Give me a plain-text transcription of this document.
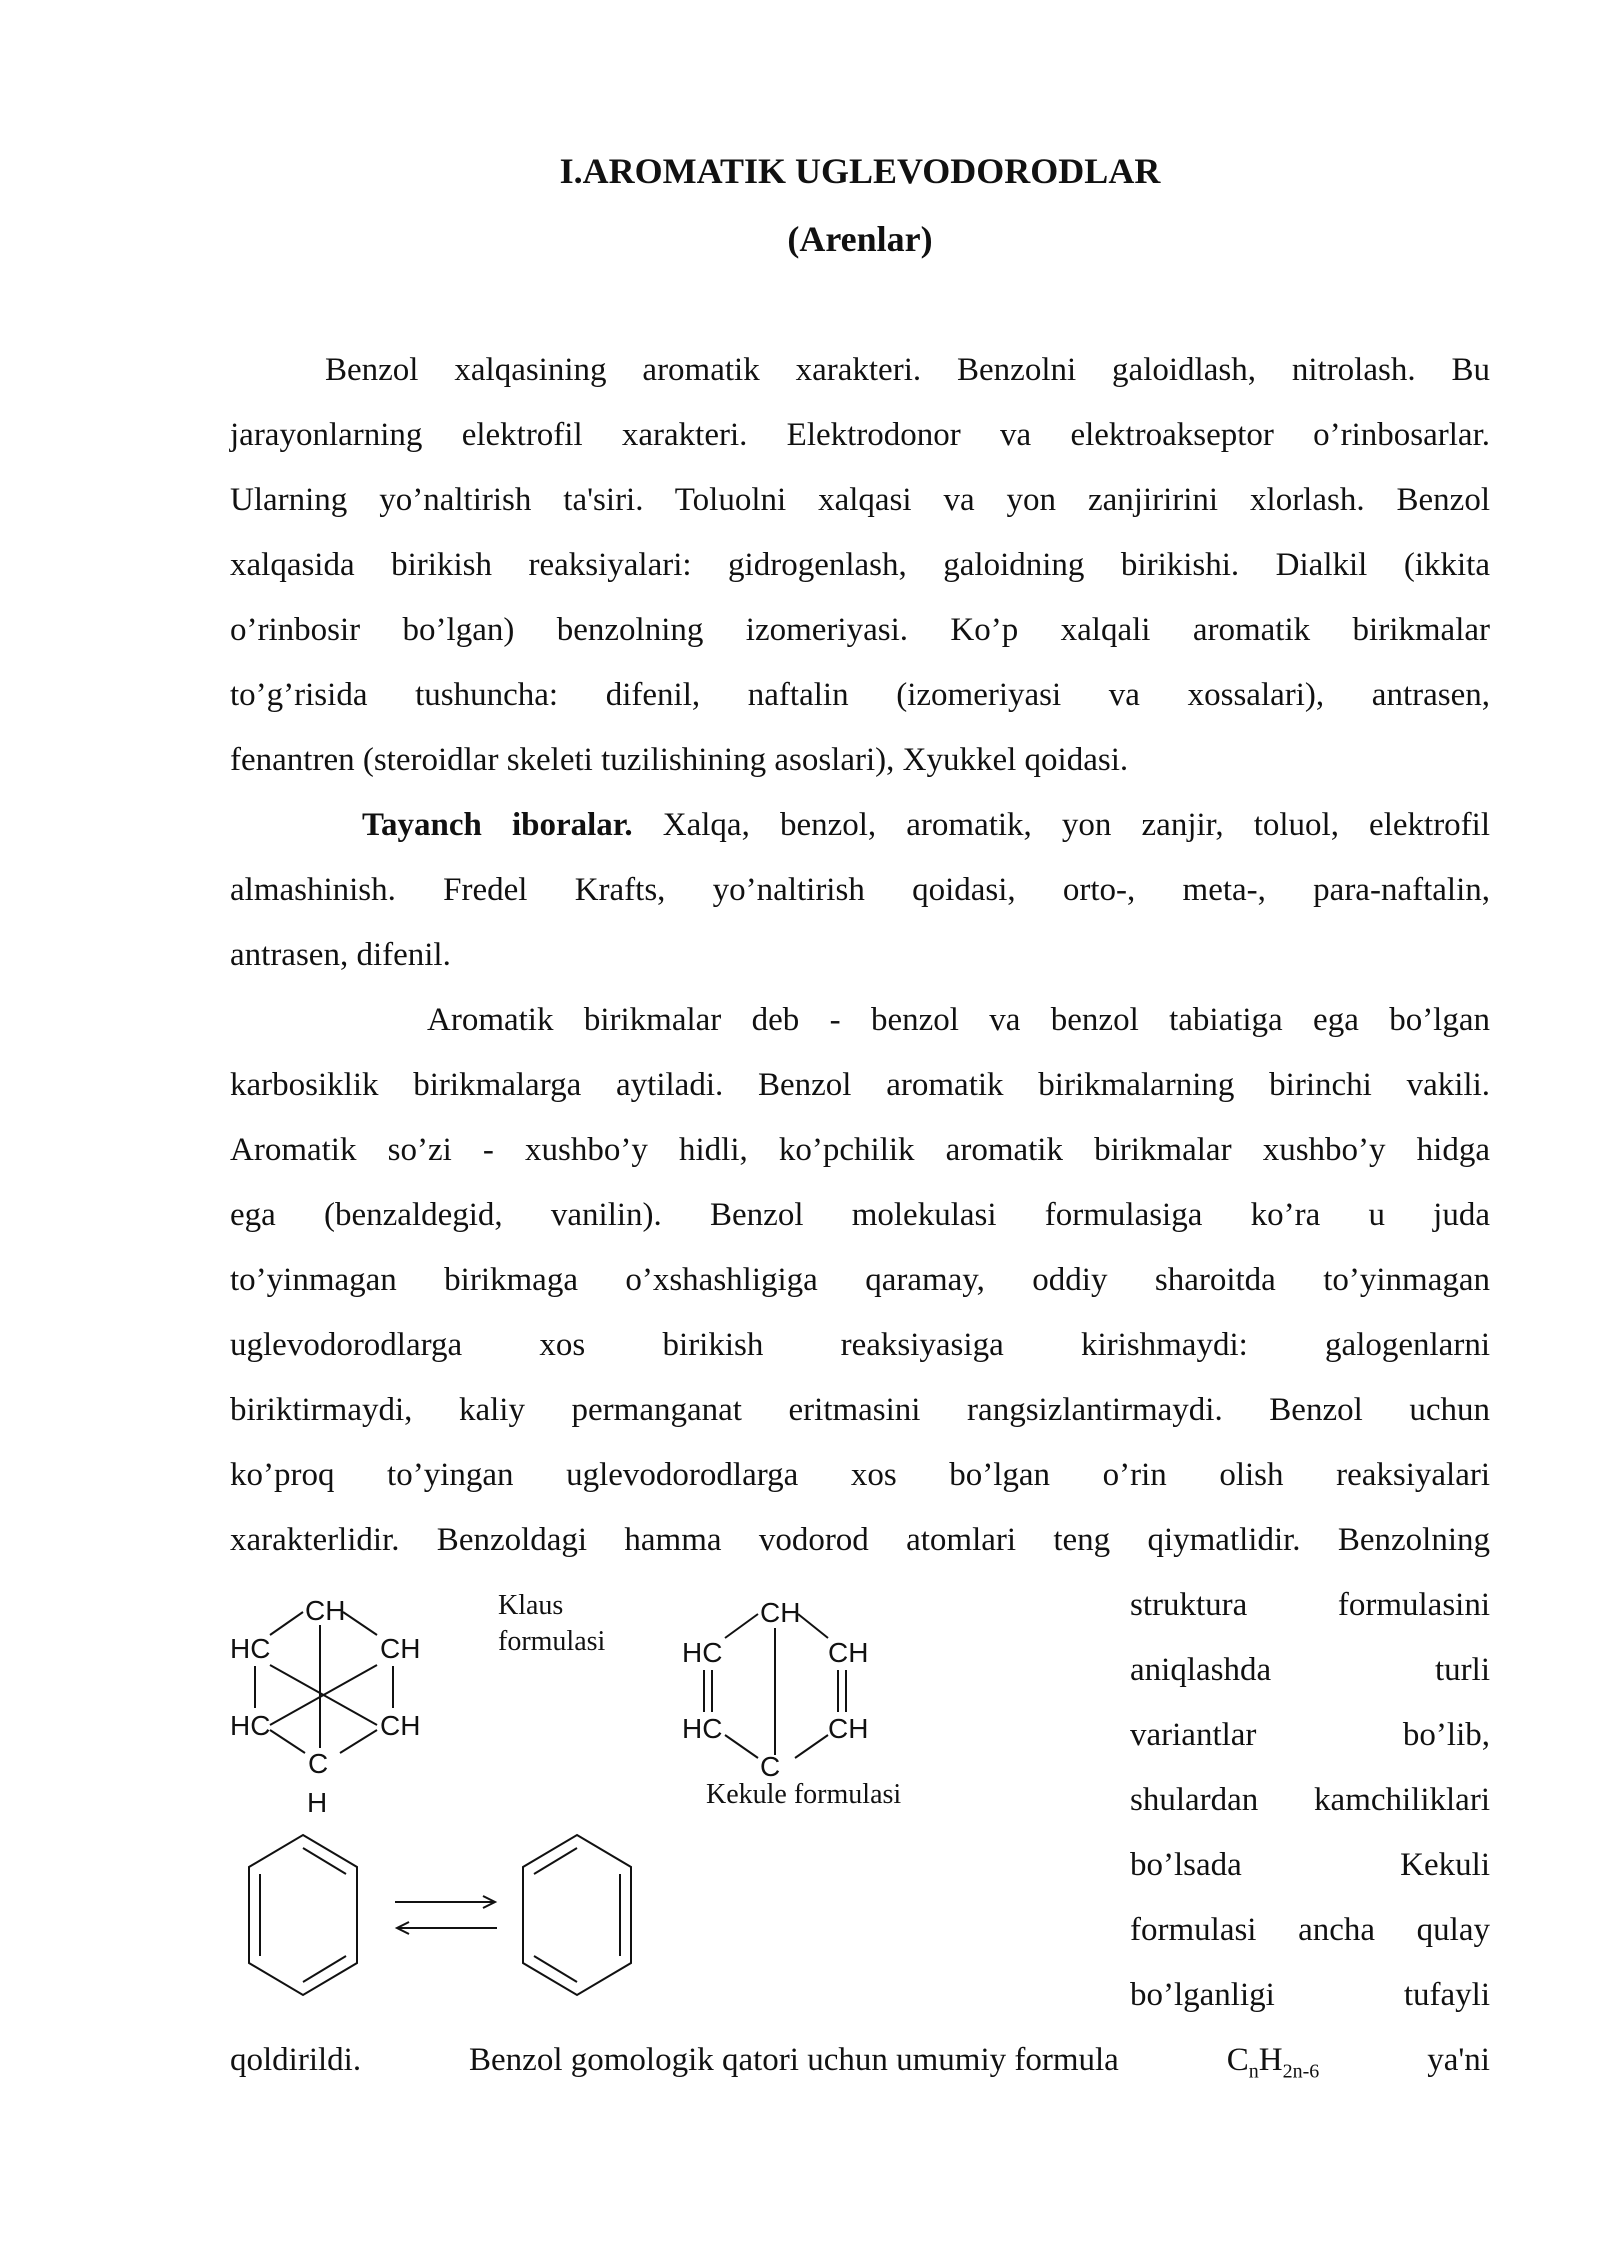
I.AROMATIK UGLEVODORODLAR
(Arenlar)
Benzol xalqasining aromatik xarakteri. Benzolni galoidlash, nitrolash. Bu
jarayonlarning elektrofil xarakteri. Elektrodonor va elektroakseptor o’rinbosarlar.
Ularning yo’naltirish ta'siri. Toluolni xalqasi va yon zanjiririni xlorlash. Benzol
xalqasida birikish reaksiyalari: gidrogenlash, galoidning birikishi. Dialkil (ikkita
o’rinbosir bo’lgan) benzolning izomeriyasi. Ko’p xalqali aromatik birikmalar
to’g’risida tushuncha: difenil, naftalin (izomeriyasi va xossalari), antrasen,
fenantren (steroidlar skeleti tuzilishining asoslari), Xyukkel qoidasi.
Tayanch iboralar. Xalqa, benzol, aromatik, yon zanjir, toluol, elektrofil
almashinish. Fredel Krafts, yo’naltirish qoidasi, orto-, meta-, para-naftalin,
antrasen, difenil.
Aromatik birikmalar deb - benzol va benzol tabiatiga ega bo’lgan
karbosiklik birikmalarga aytiladi. Benzol aromatik birikmalarning birinchi vakili.
Aromatik so’zi - xushbo’y hidli, ko’pchilik aromatik birikmalar xushbo’y hidga
ega (benzaldegid, vanilin). Benzol molekulasi formulasiga ko’ra u juda
to’yinmagan birikmaga o’xshashligiga qaramay, oddiy sharoitda to’yinmagan
uglevodorodlarga xos birikish reaksiyasiga kirishmaydi: galogenlarni
biriktirmaydi, kaliy permanganat eritmasini rangsizlantirmaydi. Benzol uchun
ko’proq to’yingan uglevodorodlarga xos bo’lgan o’rin olish reaksiyalari
xarakterlidir. Benzoldagi hamma vodorod atomlari teng qiymatlidir. Benzolning
struktura formulasini
aniqlashda turli
variantlar bo’lib,
shulardan kamchiliklari
bo’lsada Kekuli
formulasi ancha qulay
bo’lganligi tufayli
CH
HC	CH
HC	CH
C
H
Klaus
formulasi
CH
HC	CH
HC	CH
C
Kekule formulasi
qoldirildi.	Benzol gomologik qatori uchun umumiy formula	$C_nH_{2n-6}$	ya'ni
